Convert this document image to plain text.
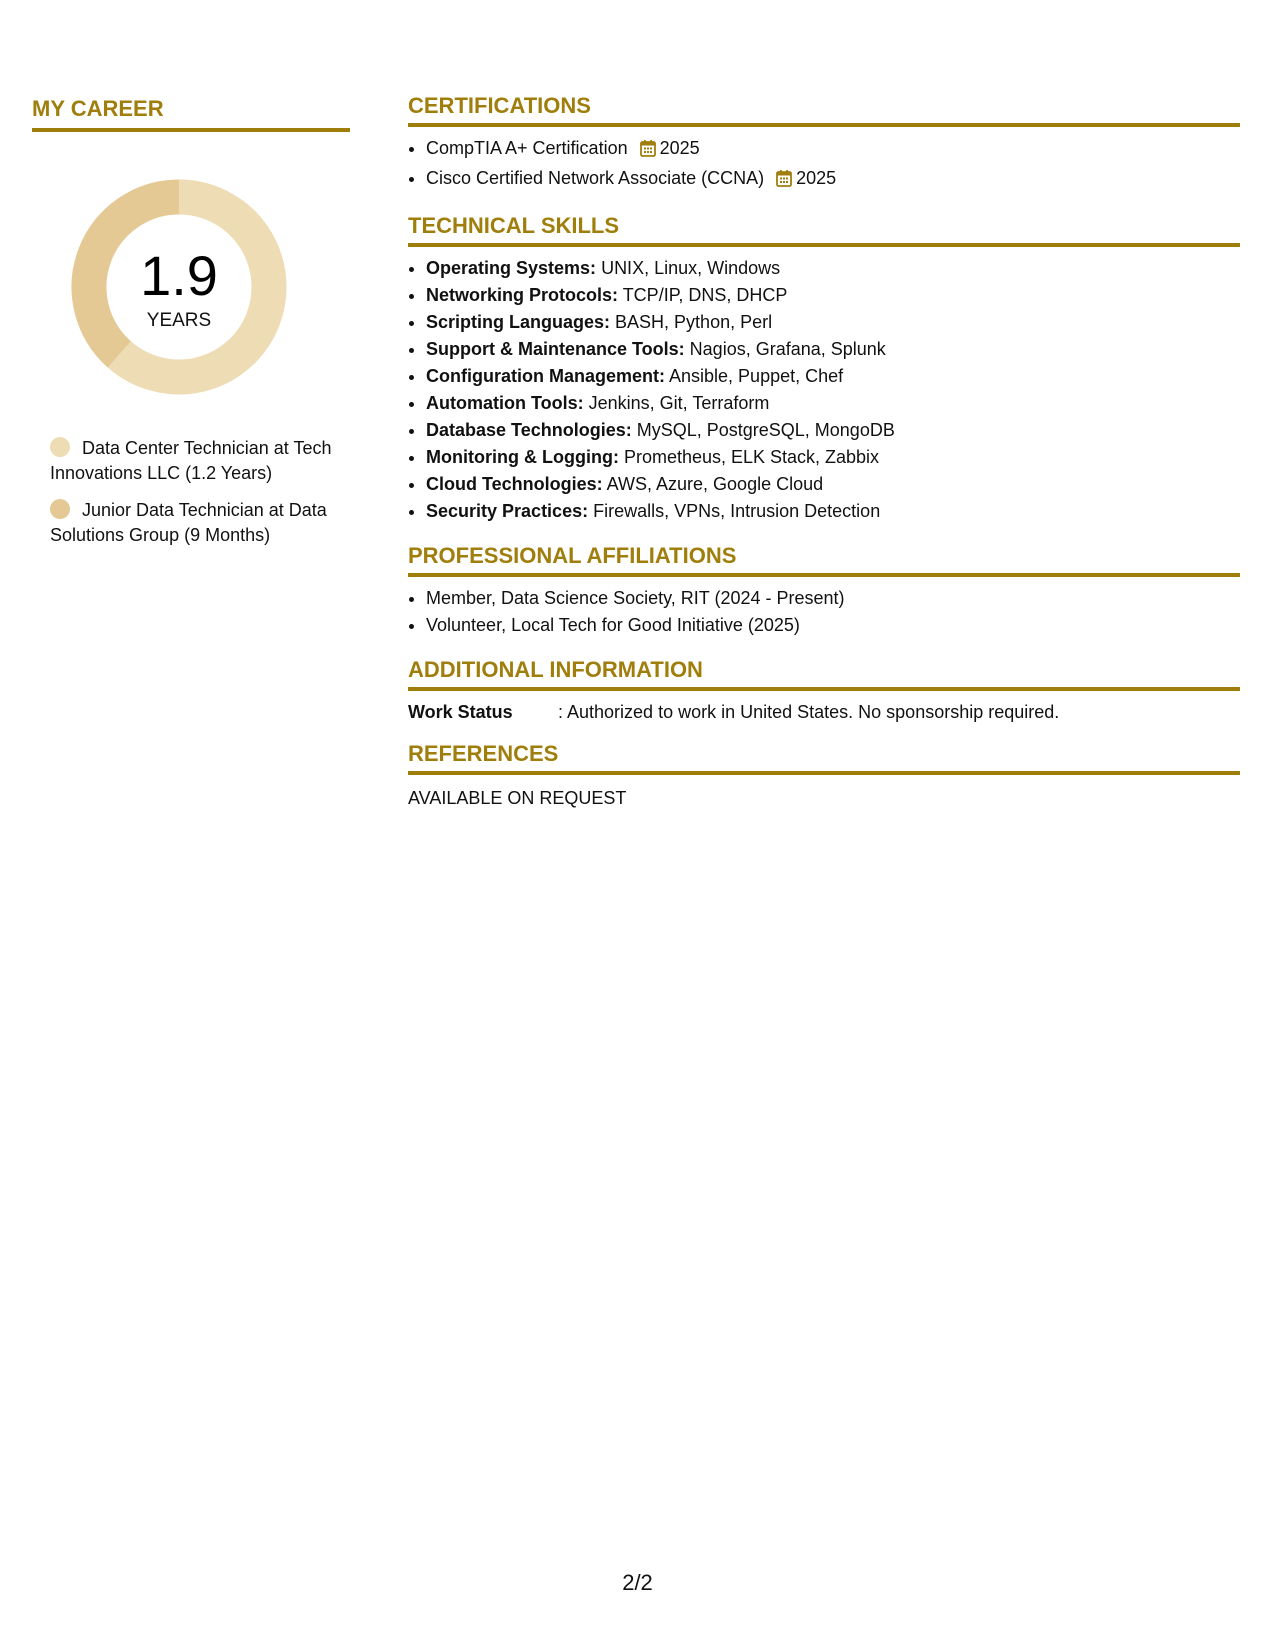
MY CAREER
1.9
YEARS
Data Center Technician at Tech Innovations LLC (1.2 Years)
Junior Data Technician at Data Solutions Group (9 Months)
CERTIFICATIONS
• CompTIA A+ Certification 2025
• Cisco Certified Network Associate (CCNA) 2025
TECHNICAL SKILLS
• Operating Systems: UNIX, Linux, Windows
• Networking Protocols: TCP/IP, DNS, DHCP
• Scripting Languages: BASH, Python, Perl
• Support & Maintenance Tools: Nagios, Grafana, Splunk
• Configuration Management: Ansible, Puppet, Chef
• Automation Tools: Jenkins, Git, Terraform
• Database Technologies: MySQL, PostgreSQL, MongoDB
• Monitoring & Logging: Prometheus, ELK Stack, Zabbix
• Cloud Technologies: AWS, Azure, Google Cloud
• Security Practices: Firewalls, VPNs, Intrusion Detection
PROFESSIONAL AFFILIATIONS
• Member, Data Science Society, RIT (2024 - Present)
• Volunteer, Local Tech for Good Initiative (2025)
ADDITIONAL INFORMATION
Work Status	: Authorized to work in United States. No sponsorship required.
REFERENCES

AVAILABLE ON REQUEST

2/2
